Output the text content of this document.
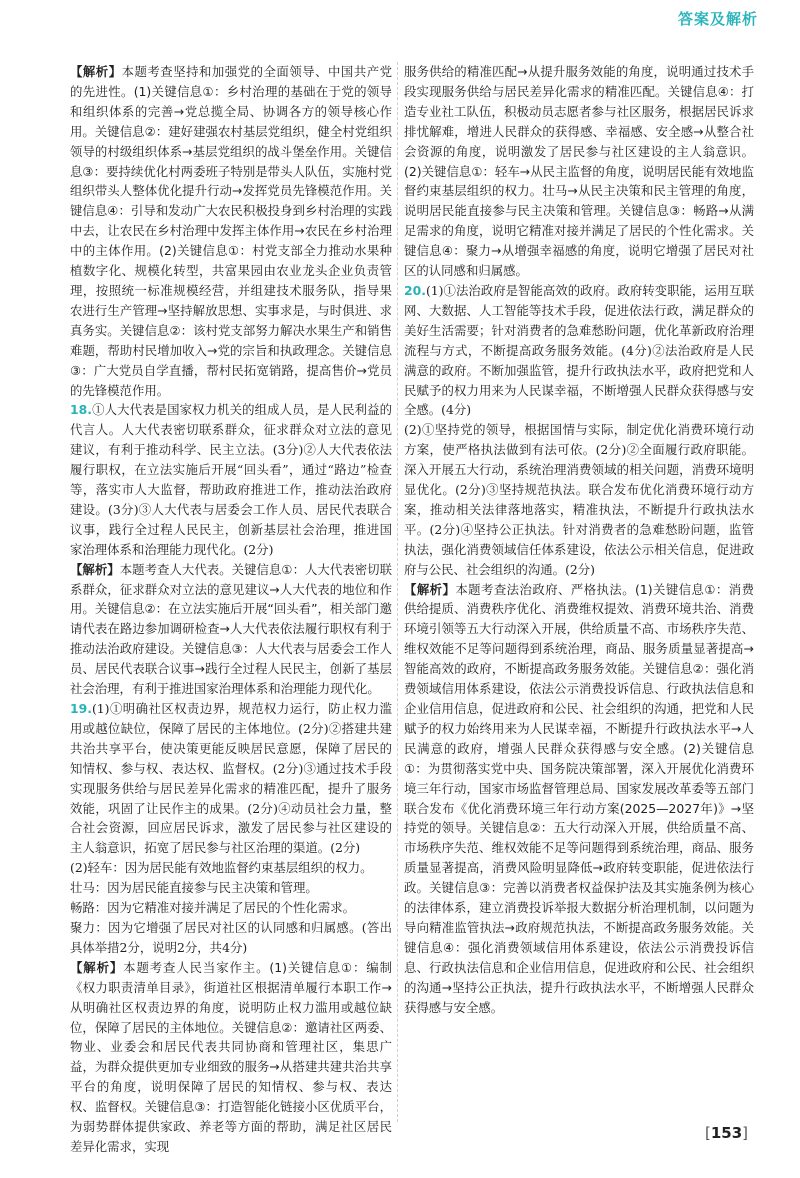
答案及解析

【解析】本题考查坚持和加强党的全面领导、中国共产党的先进性。(1)关键信息①：乡村治理的基础在于党的领导和组织体系的完善→党总揽全局、协调各方的领导核心作用。关键信息②：建好建强农村基层党组织，健全村党组织领导的村级组织体系→基层党组织的战斗堡垒作用。关键信息③：要持续优化村两委班子特别是带头人队伍，实施村党组织带头人整体优化提升行动→发挥党员先锋模范作用。关键信息④：引导和发动广大农民积极投身到乡村治理的实践中去，让农民在乡村治理中发挥主体作用→农民在乡村治理中的主体作用。(2)关键信息①：村党支部全力推动水果种植数字化、规模化转型，共富果园由农业龙头企业负责管理，按照统一标准规模经营，并组建技术服务队，指导果农进行生产管理→坚持解放思想、实事求是，与时俱进、求真务实。关键信息②：该村党支部努力解决水果生产和销售难题，帮助村民增加收入→党的宗旨和执政理念。关键信息③：广大党员自学直播，帮村民拓宽销路，提高售价→党员的先锋模范作用。

18.①人大代表是国家权力机关的组成人员，是人民利益的代言人。人大代表密切联系群众，征求群众对立法的意见建议，有利于推动科学、民主立法。(3分)②人大代表依法履行职权，在立法实施后开展“回头看”，通过“路边”检查等，落实市人大监督，帮助政府推进工作，推动法治政府建设。(3分)③人大代表与居委会工作人员、居民代表联合议事，践行全过程人民民主，创新基层社会治理，推进国家治理体系和治理能力现代化。(2分)

【解析】本题考查人大代表。关键信息①：人大代表密切联系群众，征求群众对立法的意见建议→人大代表的地位和作用。关键信息②：在立法实施后开展“回头看”，相关部门邀请代表在路边参加调研检查→人大代表依法履行职权有利于推动法治政府建设。关键信息③：人大代表与居委会工作人员、居民代表联合议事→践行全过程人民民主，创新了基层社会治理，有利于推进国家治理体系和治理能力现代化。

19.(1)①明确社区权责边界，规范权力运行，防止权力滥用或越位缺位，保障了居民的主体地位。(2分)②搭建共建共治共享平台，使决策更能反映居民意愿，保障了居民的知情权、参与权、表达权、监督权。(2分)③通过技术手段实现服务供给与居民差异化需求的精准匹配，提升了服务效能，巩固了让民作主的成果。(2分)④动员社会力量，整合社会资源，回应居民诉求，激发了居民参与社区建设的主人翁意识，拓宽了居民参与社区治理的渠道。(2分)

(2)轻车：因为居民能有效地监督约束基层组织的权力。

壮马：因为居民能直接参与民主决策和管理。

畅路：因为它精准对接并满足了居民的个性化需求。

聚力：因为它增强了居民对社区的认同感和归属感。(答出具体举措2分，说明2分，共4分)

【解析】本题考查人民当家作主。(1)关键信息①：编制《权力职责清单目录》，街道社区根据清单履行本职工作→从明确社区权责边界的角度，说明防止权力滥用或越位缺位，保障了居民的主体地位。关键信息②：邀请社区两委、物业、业委会和居民代表共同协商和管理社区，集思广益，为群众提供更加专业细致的服务→从搭建共建共治共享平台的角度，说明保障了居民的知情权、参与权、表达权、监督权。关键信息③：打造智能化链接小区优质平台，为弱势群体提供家政、养老等方面的帮助，满足社区居民差异化需求，实现

服务供给的精准匹配→从提升服务效能的角度，说明通过技术手段实现服务供给与居民差异化需求的精准匹配。关键信息④：打造专业社工队伍，积极动员志愿者参与社区服务，根据居民诉求排忧解难，增进人民群众的获得感、幸福感、安全感→从整合社会资源的角度，说明激发了居民参与社区建设的主人翁意识。(2)关键信息①：轻车→从民主监督的角度，说明居民能有效地监督约束基层组织的权力。壮马→从民主决策和民主管理的角度，说明居民能直接参与民主决策和管理。关键信息③：畅路→从满足需求的角度，说明它精准对接并满足了居民的个性化需求。关键信息④：聚力→从增强幸福感的角度，说明它增强了居民对社区的认同感和归属感。

20.(1)①法治政府是智能高效的政府。政府转变职能，运用互联网、大数据、人工智能等技术手段，促进依法行政，满足群众的美好生活需要；针对消费者的急难愁盼问题，优化革新政府治理流程与方式，不断提高政务服务效能。(4分)②法治政府是人民满意的政府。不断加强监管，提升行政执法水平，政府把党和人民赋予的权力用来为人民谋幸福，不断增强人民群众获得感与安全感。(4分)

(2)①坚持党的领导，根据国情与实际，制定优化消费环境行动方案，使严格执法做到有法可依。(2分)②全面履行政府职能。深入开展五大行动，系统治理消费领域的相关问题，消费环境明显优化。(2分)③坚持规范执法。联合发布优化消费环境行动方案，推动相关法律落地落实，精准执法，不断提升行政执法水平。(2分)④坚持公正执法。针对消费者的急难愁盼问题，监管执法，强化消费领域信任体系建设，依法公示相关信息，促进政府与公民、社会组织的沟通。(2分)

【解析】本题考查法治政府、严格执法。(1)关键信息①：消费供给提质、消费秩序优化、消费维权提效、消费环境共治、消费环境引领等五大行动深入开展，供给质量不高、市场秩序失范、维权效能不足等问题得到系统治理，商品、服务质量显著提高→智能高效的政府，不断提高政务服务效能。关键信息②：强化消费领域信用体系建设，依法公示消费投诉信息、行政执法信息和企业信用信息，促进政府和公民、社会组织的沟通，把党和人民赋予的权力始终用来为人民谋幸福，不断提升行政执法水平→人民满意的政府，增强人民群众获得感与安全感。(2)关键信息①：为贯彻落实党中央、国务院决策部署，深入开展优化消费环境三年行动，国家市场监督管理总局、国家发展改革委等五部门联合发布《优化消费环境三年行动方案(2025—2027年)》→坚持党的领导。关键信息②：五大行动深入开展，供给质量不高、市场秩序失范、维权效能不足等问题得到系统治理，商品、服务质量显著提高，消费风险明显降低→政府转变职能，促进依法行政。关键信息③：完善以消费者权益保护法及其实施条例为核心的法律体系，建立消费投诉举报大数据分析治理机制，以问题为导向精准监管执法→政府规范执法，不断提高政务服务效能。关键信息④：强化消费领域信用体系建设，依法公示消费投诉信息、行政执法信息和企业信用信息，促进政府和公民、社会组织的沟通→坚持公正执法，提升行政执法水平，不断增强人民群众获得感与安全感。

[153]
